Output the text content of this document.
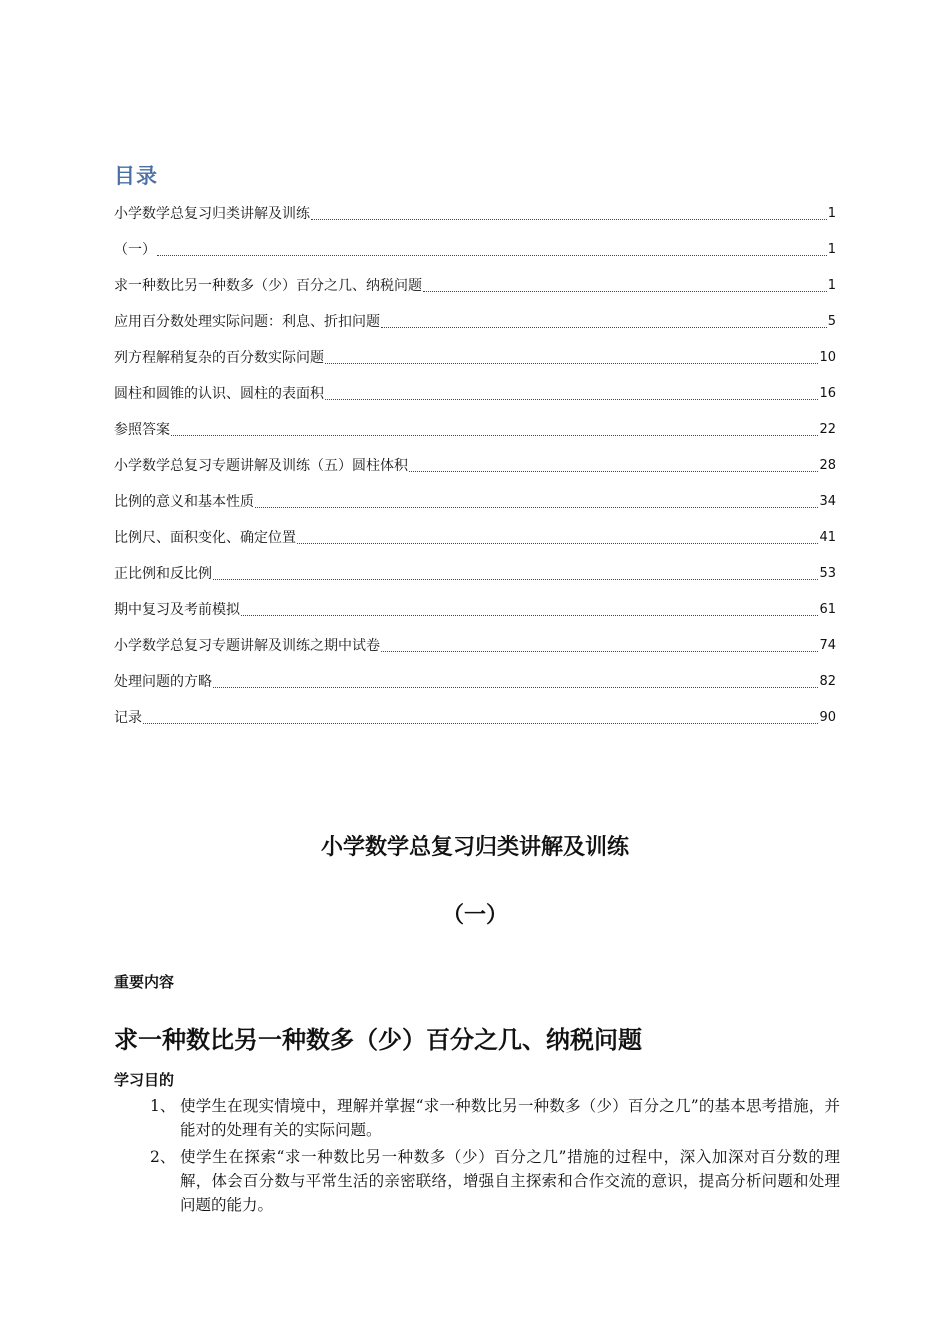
目录
小学数学总复习归类讲解及训练	1
（一）	1
求一种数比另一种数多（少）百分之几、纳税问题	1
应用百分数处理实际问题：利息、折扣问题	5
列方程解稍复杂的百分数实际问题	10
圆柱和圆锥的认识、圆柱的表面积	16
参照答案	22
小学数学总复习专题讲解及训练（五）圆柱体积	28
比例的意义和基本性质	34
比例尺、面积变化、确定位置	41
正比例和反比例	53
期中复习及考前模拟	61
小学数学总复习专题讲解及训练之期中试卷	74
处理问题的方略	82
记录	90
小学数学总复习归类讲解及训练
（一）
重要内容
求一种数比另一种数多（少）百分之几、纳税问题
学习目的
1、 使学生在现实情境中，理解并掌握“求一种数比另一种数多（少）百分之几”的基本思考措施，并能对的处理有关的实际问题。
2、 使学生在探索“求一种数比另一种数多（少）百分之几”措施的过程中，深入加深对百分数的理解，体会百分数与平常生活的亲密联络，增强自主探索和合作交流的意识，提高分析问题和处理问题的能力。
